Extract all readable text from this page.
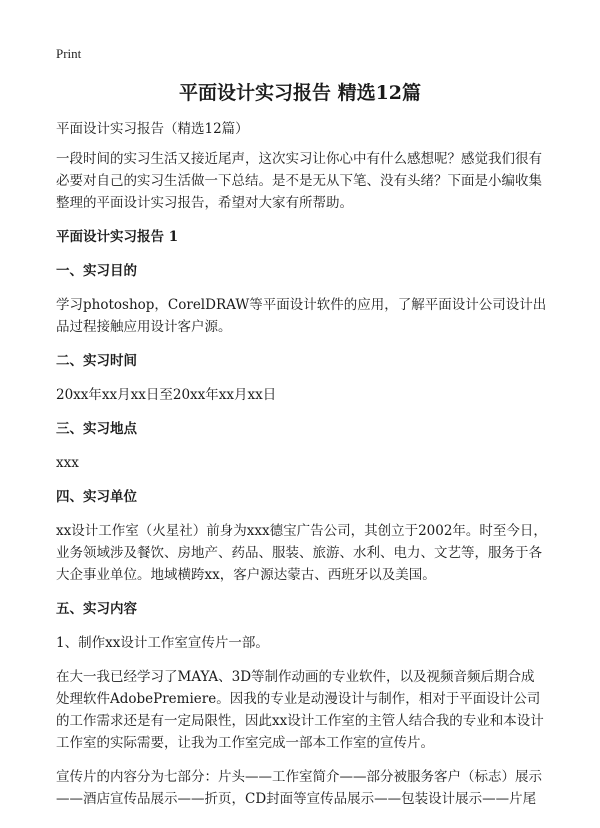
Print
平面设计实习报告 精选12篇

平面设计实习报告（精选12篇）

一段时间的实习生活又接近尾声，这次实习让你心中有什么感想呢？感觉我们很有必要对自己的实习生活做一下总结。是不是无从下笔、没有头绪？下面是小编收集整理的平面设计实习报告，希望对大家有所帮助。

平面设计实习报告 1
一、实习目的

学习photoshop，CorelDRAW等平面设计软件的应用，了解平面设计公司设计出品过程接触应用设计客户源。

二、实习时间

20xx年xx月xx日至20xx年xx月xx日

三、实习地点

xxx

四、实习单位

xx设计工作室（火星社）前身为xxx德宝广告公司，其创立于2002年。时至今日，业务领域涉及餐饮、房地产、药品、服装、旅游、水利、电力、文艺等，服务于各大企事业单位。地域横跨xx，客户源达蒙古、西班牙以及美国。

五、实习内容

1、制作xx设计工作室宣传片一部。

在大一我已经学习了MAYA、3D等制作动画的专业软件，以及视频音频后期合成处理软件AdobePremiere。因我的专业是动漫设计与制作，相对于平面设计公司的工作需求还是有一定局限性，因此xx设计工作室的主管人结合我的专业和本设计工作室的实际需要，让我为工作室完成一部本工作室的宣传片。

宣传片的内容分为七部分：片头——工作室简介——部分被服务客户（标志）展示——酒店宣传品展示——折页，CD封面等宣传品展示——包装设计展示——片尾
